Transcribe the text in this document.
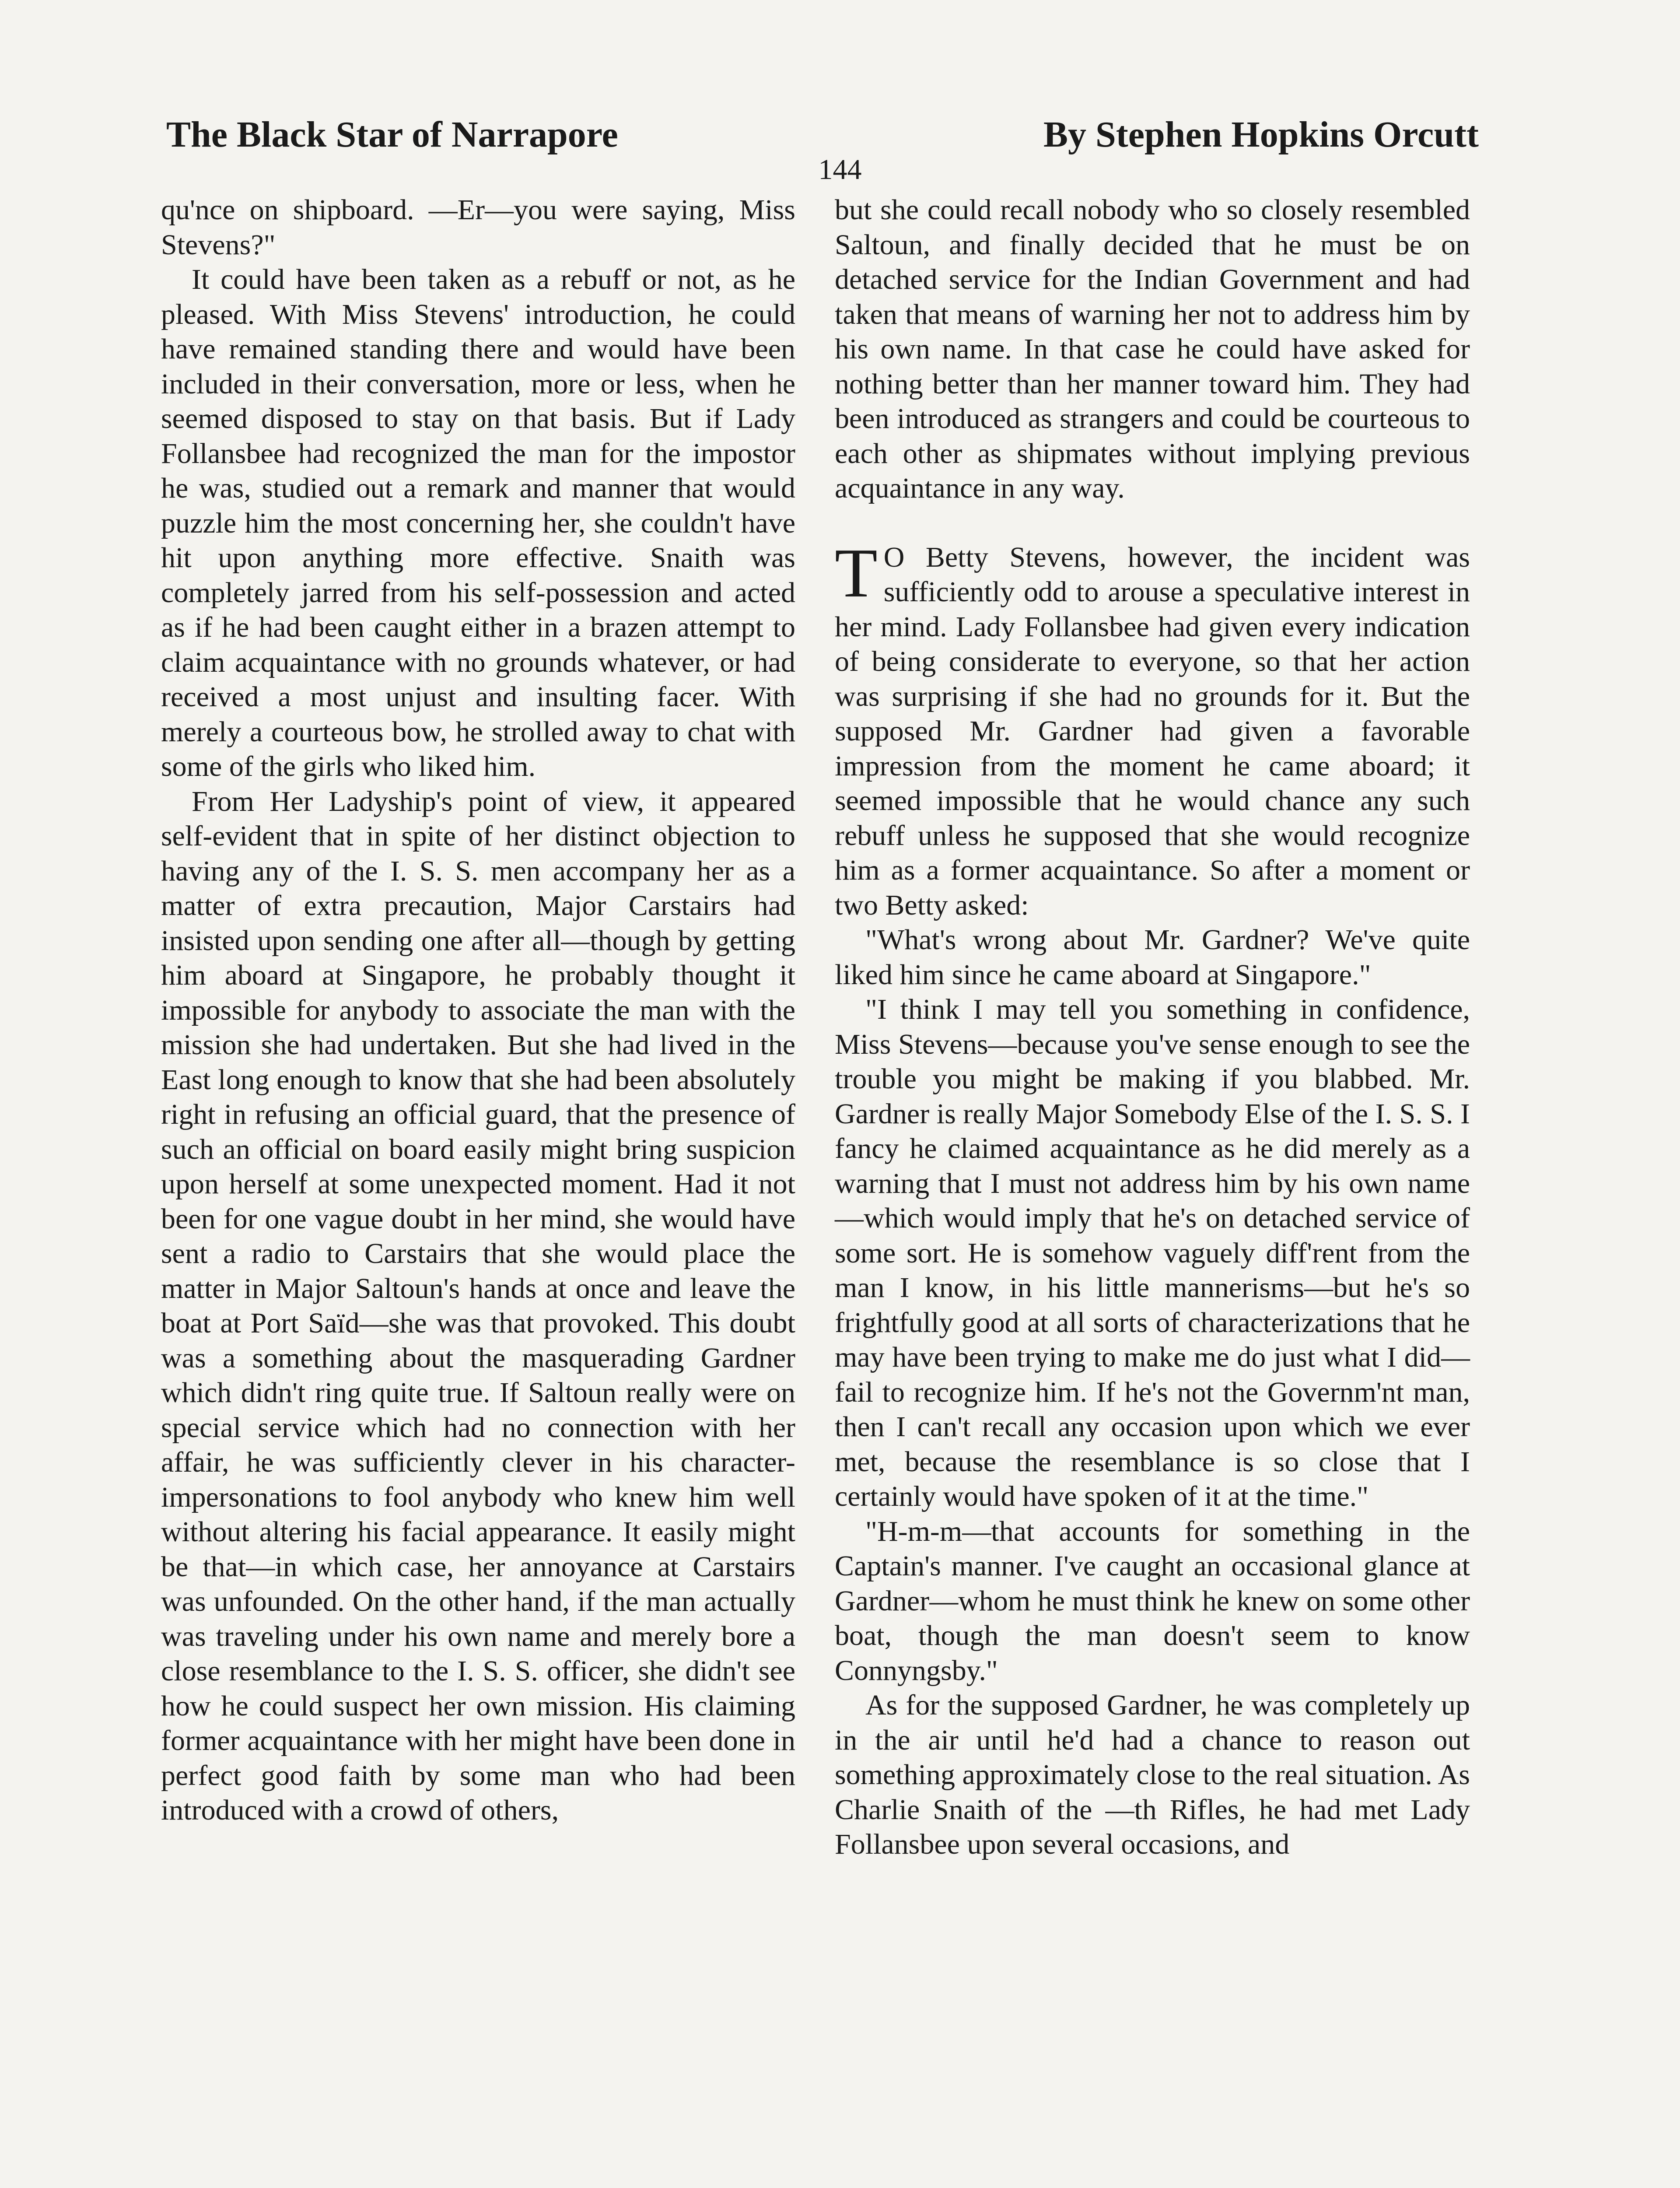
The Black Star of Narrapore	By Stephen Hopkins Orcutt
144

qu'nce on shipboard. —Er—you were saying, Miss Stevens?"

It could have been taken as a rebuff or not, as he pleased. With Miss Stevens' introduction, he could have remained standing there and would have been included in their conversation, more or less, when he seemed disposed to stay on that basis. But if Lady Follansbee had recognized the man for the impostor he was, studied out a remark and manner that would puzzle him the most concerning her, she couldn't have hit upon anything more effective. Snaith was completely jarred from his self-possession and acted as if he had been caught either in a brazen attempt to claim acquaintance with no grounds whatever, or had received a most unjust and insulting facer. With merely a courteous bow, he strolled away to chat with some of the girls who liked him.

From Her Ladyship's point of view, it appeared self-evident that in spite of her distinct objection to having any of the I. S. S. men accompany her as a matter of extra precaution, Major Carstairs had insisted upon sending one after all—though by getting him aboard at Singapore, he probably thought it impossible for anybody to associate the man with the mission she had undertaken. But she had lived in the East long enough to know that she had been absolutely right in refusing an official guard, that the presence of such an official on board easily might bring suspicion upon herself at some unexpected moment. Had it not been for one vague doubt in her mind, she would have sent a radio to Carstairs that she would place the matter in Major Saltoun's hands at once and leave the boat at Port Saïd—she was that provoked. This doubt was a something about the masquerading Gardner which didn't ring quite true. If Saltoun really were on special service which had no connection with her affair, he was sufficiently clever in his character-impersonations to fool anybody who knew him well without altering his facial appearance. It easily might be that—in which case, her annoyance at Carstairs was unfounded. On the other hand, if the man actually was traveling under his own name and merely bore a close resemblance to the I. S. S. officer, she didn't see how he could suspect her own mission. His claiming former acquaintance with her might have been done in perfect good faith by some man who had been introduced with a crowd of others,

but she could recall nobody who so closely resembled Saltoun, and finally decided that he must be on detached service for the Indian Government and had taken that means of warning her not to address him by his own name. In that case he could have asked for nothing better than her manner toward him. They had been introduced as strangers and could be courteous to each other as shipmates without implying previous acquaintance in any way.

T O Betty Stevens, however, the incident was sufficiently odd to arouse a speculative interest in her mind. Lady Follansbee had given every indication of being considerate to everyone, so that her action was surprising if she had no grounds for it. But the supposed Mr. Gardner had given a favorable impression from the moment he came aboard; it seemed impossible that he would chance any such rebuff unless he supposed that she would recognize him as a former acquaintance. So after a moment or two Betty asked:

"What's wrong about Mr. Gardner? We've quite liked him since he came aboard at Singapore."

"I think I may tell you something in confidence, Miss Stevens—because you've sense enough to see the trouble you might be making if you blabbed. Mr. Gardner is really Major Somebody Else of the I. S. S. I fancy he claimed acquaintance as he did merely as a warning that I must not address him by his own name—which would imply that he's on detached service of some sort. He is somehow vaguely diff'rent from the man I know, in his little mannerisms—but he's so frightfully good at all sorts of characterizations that he may have been trying to make me do just what I did—fail to recognize him. If he's not the Governm'nt man, then I can't recall any occasion upon which we ever met, because the resemblance is so close that I certainly would have spoken of it at the time."

"H-m-m—that accounts for something in the Captain's manner. I've caught an occasional glance at Gardner—whom he must think he knew on some other boat, though the man doesn't seem to know Connyngsby."

As for the supposed Gardner, he was completely up in the air until he'd had a chance to reason out something approximately close to the real situation. As Charlie Snaith of the —th Rifles, he had met Lady Follansbee upon several occasions, and
